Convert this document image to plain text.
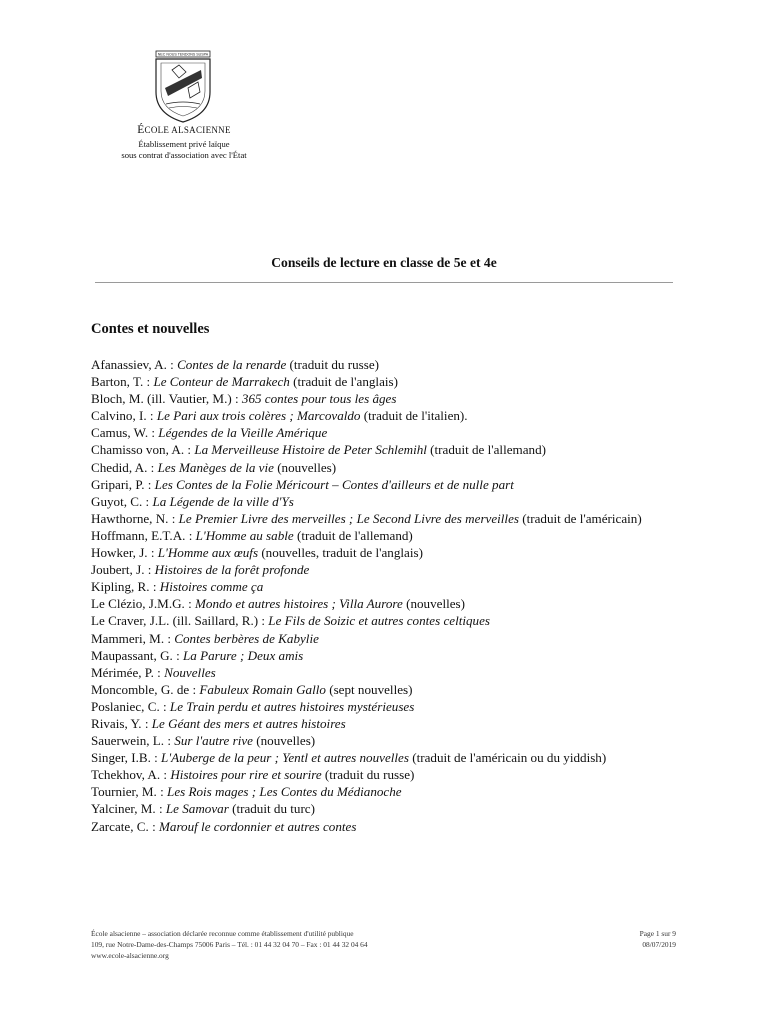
NEC NOUS TENDONS SUSPA
ÉCOLE ALSACIENNE
Établissement privé laïque
sous contrat d'association avec l'État
Conseils de lecture en classe de 5e et 4e
Contes et nouvelles
Afanassiev, A. : Contes de la renarde (traduit du russe)
Barton, T. : Le Conteur de Marrakech (traduit de l'anglais)
Bloch, M. (ill. Vautier, M.) : 365 contes pour tous les âges
Calvino, I. : Le Pari aux trois colères ; Marcovaldo (traduit de l'italien).
Camus, W. : Légendes de la Vieille Amérique
Chamisso von, A. : La Merveilleuse Histoire de Peter Schlemihl (traduit de l'allemand)
Chedid, A. : Les Manèges de la vie (nouvelles)
Gripari, P. : Les Contes de la Folie Méricourt – Contes d'ailleurs et de nulle part
Guyot, C. : La Légende de la ville d'Ys
Hawthorne, N. : Le Premier Livre des merveilles ; Le Second Livre des merveilles (traduit de l'américain)
Hoffmann, E.T.A. : L'Homme au sable (traduit de l'allemand)
Howker, J. : L'Homme aux œufs (nouvelles, traduit de l'anglais)
Joubert, J. : Histoires de la forêt profonde
Kipling, R. : Histoires comme ça
Le Clézio, J.M.G. : Mondo et autres histoires ; Villa Aurore (nouvelles)
Le Craver, J.L. (ill. Saillard, R.) : Le Fils de Soizic et autres contes celtiques
Mammeri, M. : Contes berbères de Kabylie
Maupassant, G. : La Parure ; Deux amis
Mérimée, P. : Nouvelles
Moncomble, G. de : Fabuleux Romain Gallo (sept nouvelles)
Poslaniec, C. : Le Train perdu et autres histoires mystérieuses
Rivais, Y. : Le Géant des mers et autres histoires
Sauerwein, L. : Sur l'autre rive (nouvelles)
Singer, I.B. : L'Auberge de la peur ; Yentl et autres nouvelles (traduit de l'américain ou du yiddish)
Tchekhov, A. : Histoires pour rire et sourire (traduit du russe)
Tournier, M. : Les Rois mages ; Les Contes du Médianoche
Yalciner, M. : Le Samovar (traduit du turc)
Zarcate, C. : Marouf le cordonnier et autres contes
École alsacienne – association déclarée reconnue comme établissement d'utilité publique
109, rue Notre-Dame-des-Champs 75006 Paris – Tél. : 01 44 32 04 70 – Fax : 01 44 32 04 64
www.ecole-alsacienne.org
Page 1 sur 9
08/07/2019
